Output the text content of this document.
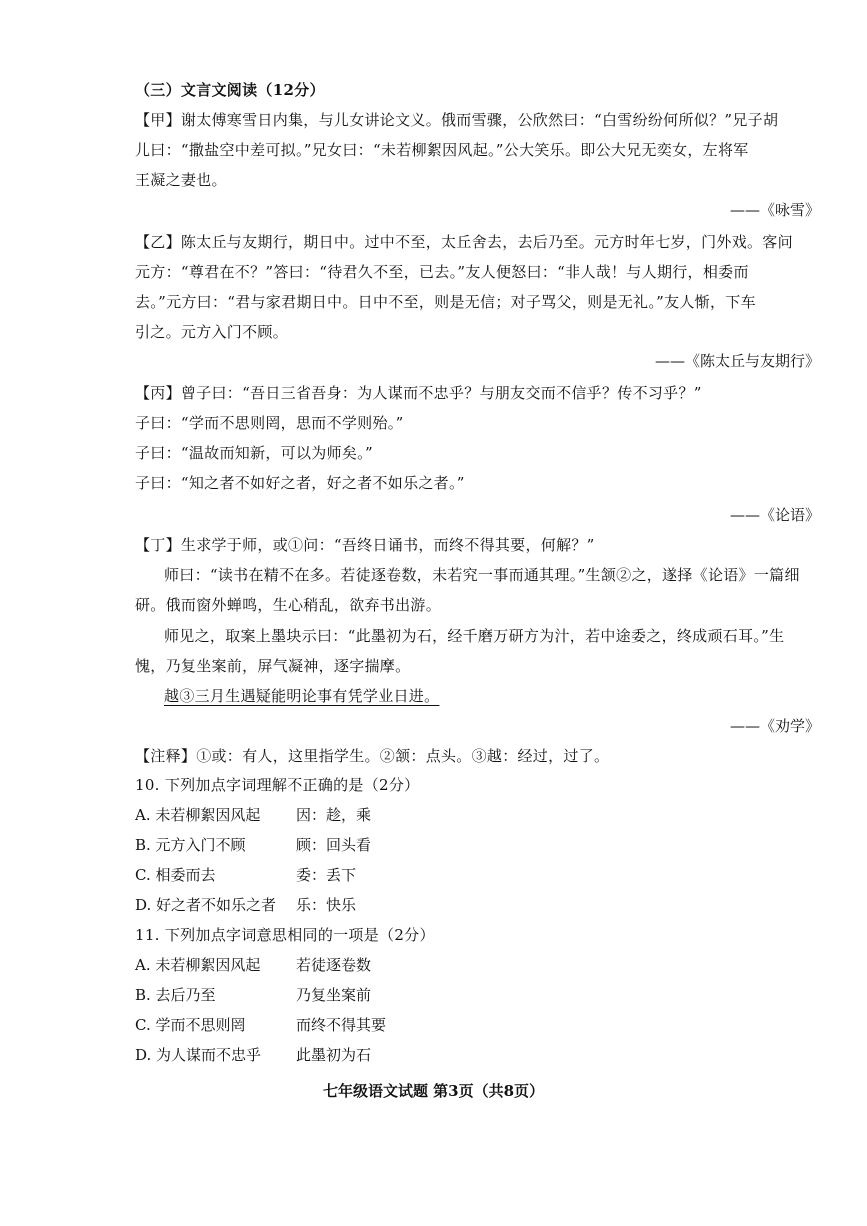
（三）文言文阅读（12分）
【甲】谢太傅寒雪日内集，与儿女讲论文义。俄而雪骤，公欣然曰：“白雪纷纷何所似？”兄子胡
儿曰：“撒盐空中差可拟。”兄女曰：“未若柳絮因风起。”公大笑乐。即公大兄无奕女，左将军
王凝之妻也。
——《咏雪》
【乙】陈太丘与友期行，期日中。过中不至，太丘舍去，去后乃至。元方时年七岁，门外戏。客问
元方：“尊君在不？”答曰：“待君久不至，已去。”友人便怒曰：“非人哉！与人期行，相委而
去。”元方曰：“君与家君期日中。日中不至，则是无信；对子骂父，则是无礼。”友人惭，下车
引之。元方入门不顾。
——《陈太丘与友期行》
【丙】曾子曰：“吾日三省吾身：为人谋而不忠乎？与朋友交而不信乎？传不习乎？”
子曰：“学而不思则罔，思而不学则殆。”
子曰：“温故而知新，可以为师矣。”
子曰：“知之者不如好之者，好之者不如乐之者。”
——《论语》
【丁】生求学于师，或①问：“吾终日诵书，而终不得其要，何解？”
师曰：“读书在精不在多。若徒逐卷数，未若究一事而通其理。”生颔②之，遂择《论语》一篇细
研。俄而窗外蝉鸣，生心稍乱，欲弃书出游。
师见之，取案上墨块示曰：“此墨初为石，经千磨万研方为汁，若中途委之，终成顽石耳。”生
愧，乃复坐案前，屏气凝神，逐字揣摩。
越③三月生遇疑能明论事有凭学业日进。
——《劝学》
【注释】①或：有人，这里指学生。②颔：点头。③越：经过，过了。
10. 下列加点字词理解不正确的是（2分）
A. 未若柳絮因风起 因：趁，乘
B. 元方入门不顾	顾：回头看
C. 相委而去	委：丢下
D. 好之者不如乐之者 乐：快乐
11. 下列加点字词意思相同的一项是（2分）
A. 未若柳絮因风起 若徒逐卷数
B. 去后乃至	乃复坐案前
C. 学而不思则罔	而终不得其要
D. 为人谋而不忠乎 此墨初为石
七年级语文试题 第3页（共8页）
